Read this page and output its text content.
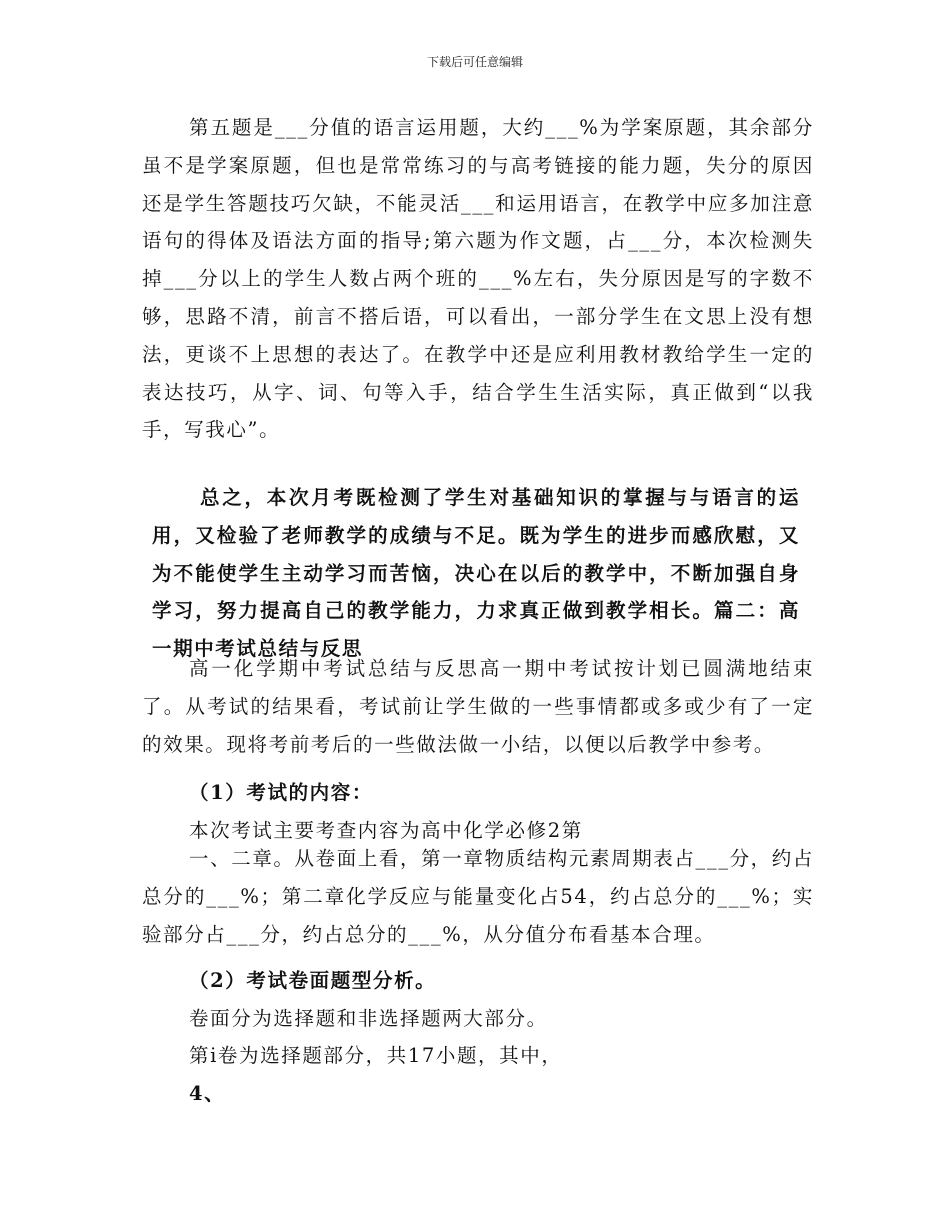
下载后可任意编辑
第五题是___分值的语言运用题，大约___%为学案原题，其余部分虽不是学案原题，但也是常常练习的与高考链接的能力题，失分的原因还是学生答题技巧欠缺，不能灵活___和运用语言，在教学中应多加注意语句的得体及语法方面的指导;第六题为作文题，占___分，本次检测失掉___分以上的学生人数占两个班的___%左右，失分原因是写的字数不够，思路不清，前言不搭后语，可以看出，一部分学生在文思上没有想法，更谈不上思想的表达了。在教学中还是应利用教材教给学生一定的表达技巧，从字、词、句等入手，结合学生生活实际，真正做到“以我手，写我心”。
总之，本次月考既检测了学生对基础知识的掌握与与语言的运用，又检验了老师教学的成绩与不足。既为学生的进步而感欣慰，又为不能使学生主动学习而苦恼，决心在以后的教学中，不断加强自身学习，努力提高自己的教学能力，力求真正做到教学相长。篇二：高一期中考试总结与反思
高一化学期中考试总结与反思高一期中考试按计划已圆满地结束了。从考试的结果看，考试前让学生做的一些事情都或多或少有了一定的效果。现将考前考后的一些做法做一小结，以便以后教学中参考。
（1）考试的内容：
本次考试主要考查内容为高中化学必修2第
一、二章。从卷面上看，第一章物质结构元素周期表占___分，约占总分的___%；第二章化学反应与能量变化占54，约占总分的___%；实验部分占___分，约占总分的___%，从分值分布看基本合理。
（2）考试卷面题型分析。
卷面分为选择题和非选择题两大部分。
第ⅰ卷为选择题部分，共17小题，其中，
4、
